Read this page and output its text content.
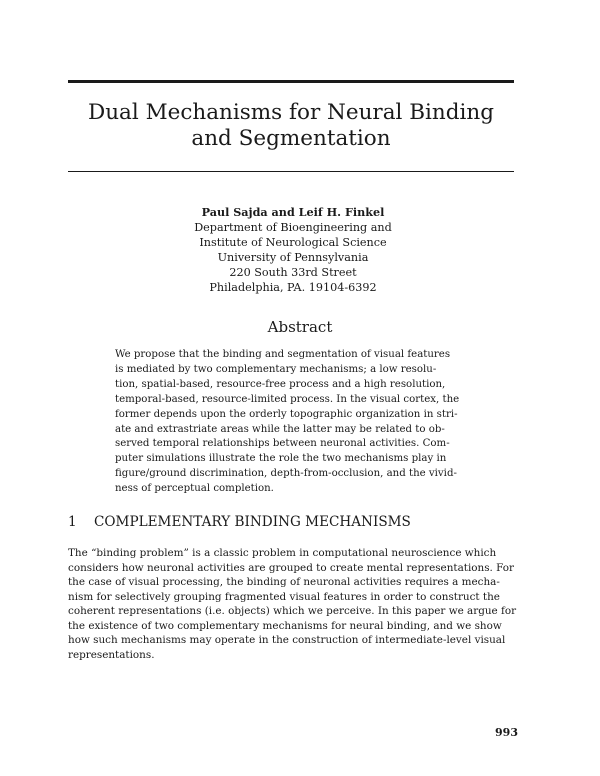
Dual Mechanisms for Neural Binding
and Segmentation
Paul Sajda and Leif H. Finkel
Department of Bioengineering and
Institute of Neurological Science
University of Pennsylvania
220 South 33rd Street
Philadelphia, PA. 19104-6392
Abstract
We propose that the binding and segmentation of visual features
is mediated by two complementary mechanisms; a low resolu-
tion, spatial-based, resource-free process and a high resolution,
temporal-based, resource-limited process. In the visual cortex, the
former depends upon the orderly topographic organization in stri-
ate and extrastriate areas while the latter may be related to ob-
served temporal relationships between neuronal activities. Com-
puter simulations illustrate the role the two mechanisms play in
figure/ground discrimination, depth-from-occlusion, and the vivid-
ness of perceptual completion.
1 COMPLEMENTARY BINDING MECHANISMS
The “binding problem” is a classic problem in computational neuroscience which
considers how neuronal activities are grouped to create mental representations. For
the case of visual processing, the binding of neuronal activities requires a mecha-
nism for selectively grouping fragmented visual features in order to construct the
coherent representations (i.e. objects) which we perceive. In this paper we argue for
the existence of two complementary mechanisms for neural binding, and we show
how such mechanisms may operate in the construction of intermediate-level visual
representations.
993
